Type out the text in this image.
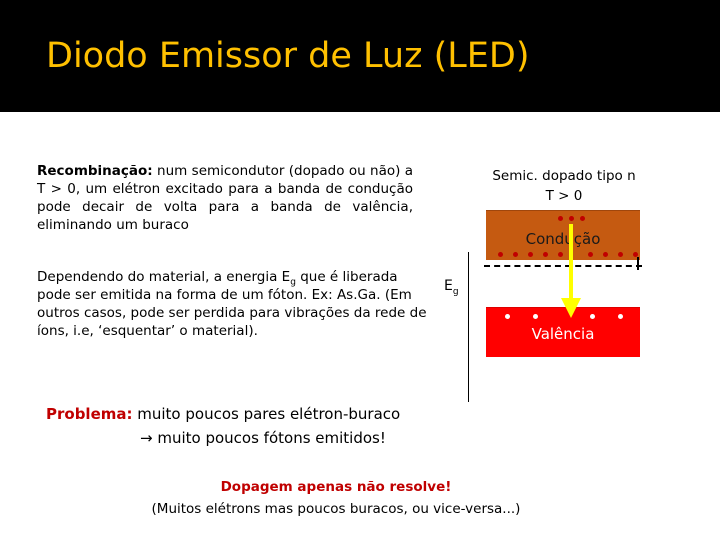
Diodo Emissor de Luz (LED)
Recombinação: num semicondutor (dopado ou não) a T > 0, um elétron excitado para a banda de condução pode decair de volta para a banda de valência, eliminando um buraco
Dependendo do material, a energia $E_g$ que é liberada pode ser emitida na forma de um fóton. Ex: As.Ga. (Em outros casos, pode ser perdida para vibrações da rede de íons, i.e, ‘esquentar’ o material).
$E_g$
Semic. dopado tipo n
T > 0
Condução
Valência
Problema: muito poucos pares elétron-buraco
→ muito poucos fótons emitidos!
Dopagem apenas não resolve!
(Muitos elétrons mas poucos buracos, ou vice-versa...)
